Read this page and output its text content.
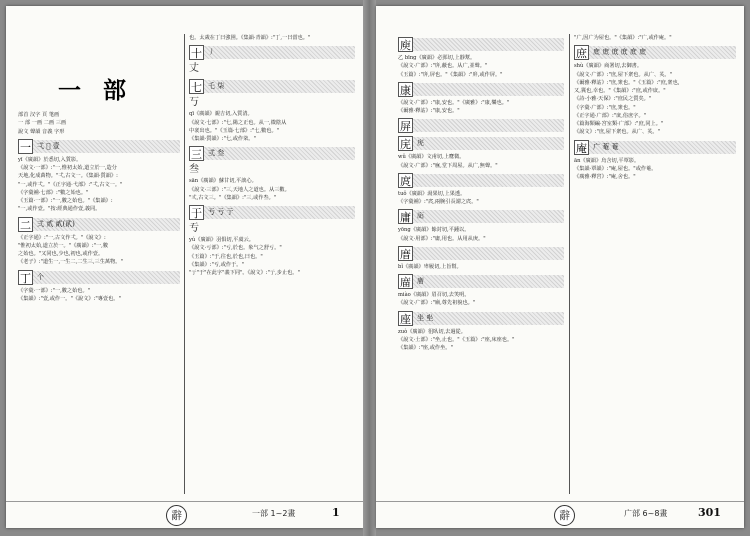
一 部

部首 汉字 頁 笔画

一 部 一画 二画 三画

說文 聲韻 音義 字形

一 弌 𠤪 壹

yī《廣韻》於悉切,入質影。

《說文·一部》:"一,惟初太始,道立於一,造分

天地,化成萬物。"弌,古文一。《集韻·質韻》:

"一,或作弌。"《正字通·弋部》:"弌,古文一。"

《字彙補·七部》:"數之始也。"

《玉篇·一部》:"一,數之始也。"《集韻》:

"一,或作壹。"按:經典通作壹,義同。

二 弍 贰 貳(貮)

《正字通》:"一,古文作弌。"《說文》:

"惟初太始,道立於一。"《廣韻》:"一,數

之始也。"又同也,少也,初也,或作壹。

《老子》:"道生一,一生二,二生三,三生萬物。"

丁 个

《字彙·一部》:"一,數之始也。"

《集韻》:"壹,或作一。"《說文》:"專壹也。"

也。太歲在丁曰強圉。《集韻·青韻》:"丁,一曰當也。"

十 丿

丈

七 乇 柒

丂

qī《廣韻》親吉切,入質清。

《說文·七部》:"七,陽之正也。从一,微陰从

中衺出也。"《玉篇·七部》:"七,數也。"

《集韻·質韻》:"七,或作柒。"

三 弎 叁

叁

sān《廣韻》蘇甘切,平談心。

《說文·三部》:"三,天地人之道也。从三數。

"弎,古文三。"《集韻》:"三,或作叁。"

于 亐 亏 亍

亐

yú《廣韻》羽俱切,平虞云。

《說文·亏部》:"亏,於也。象气之舒亏。"

《玉篇》:"于,往也,於也,曰也。"

《集韻》:"亐,或作于。"

"亍"于"在此字"義下同"。《說文》:"亍,步止也。"

辭	一部 1~2畫	1
庾

乙 bīng《廣韻》必郢切,上靜幫。

《說文·广部》:"庰,蔽也。从广,並聲。"

《玉篇》:"庰,屏也。"《集韻》:"庰,或作屏。"

康

《說文·广部》:"康,安也。"《廣雅》:"康,樂也。"

《爾雅·釋詁》:"康,安也。"

屏
庑 庑

wǔ《廣韻》文甫切,上麌微。

《說文·广部》:"廡,堂下周屋。从广,無聲。"

庹

tuǒ《廣韻》湯果切,上果透。

《字彙補》:"庹,兩腕引長謂之庹。"

庸 𢊅

yōng《廣韻》餘封切,平鍾以。

《說文·用部》:"庸,用也。从用从庚。"

庴

bǐ《廣韻》卑履切,上旨幫。

庿 庿

miào《廣韻》眉召切,去笑明。

《說文·广部》:"廟,尊先祖貌也。"

座 坐 㘴

zuò《廣韻》徂臥切,去過從。

《說文·土部》:"坐,止也。"《玉篇》:"座,床座也。"

《集韻》:"座,或作坐。"

"广,因广为屋也。"《集韻》:"广,或作庵。"

庶 庻 庻 庻 庻 庻 庻

shù《廣韻》商署切,去御書。

《說文·广部》:"庶,屋下衆也。从广、炗。"

《爾雅·釋詁》:"庶,衆也。"《玉篇》:"庶,衆也,

又,冀也,幸也。"《集韻》:"庶,或作庻。"

《詩·小雅·天保》:"庶民之質矣。"

《字彙·广部》:"庶,衆也。"

《正字通·广部》:"庻,俗庶字。"

《篇海類編·宮室類·广部》:"庶,同上。"

《說文》:"庶,屋下衆也。从广、炗。"

庵 广 菴 菴

ān《廣韻》烏含切,平覃影。

《集韻·覃韻》:"庵,屋也。"或作菴。

《廣雅·釋宮》:"庵,舍也。"

辭	广部 6~8畫	301
